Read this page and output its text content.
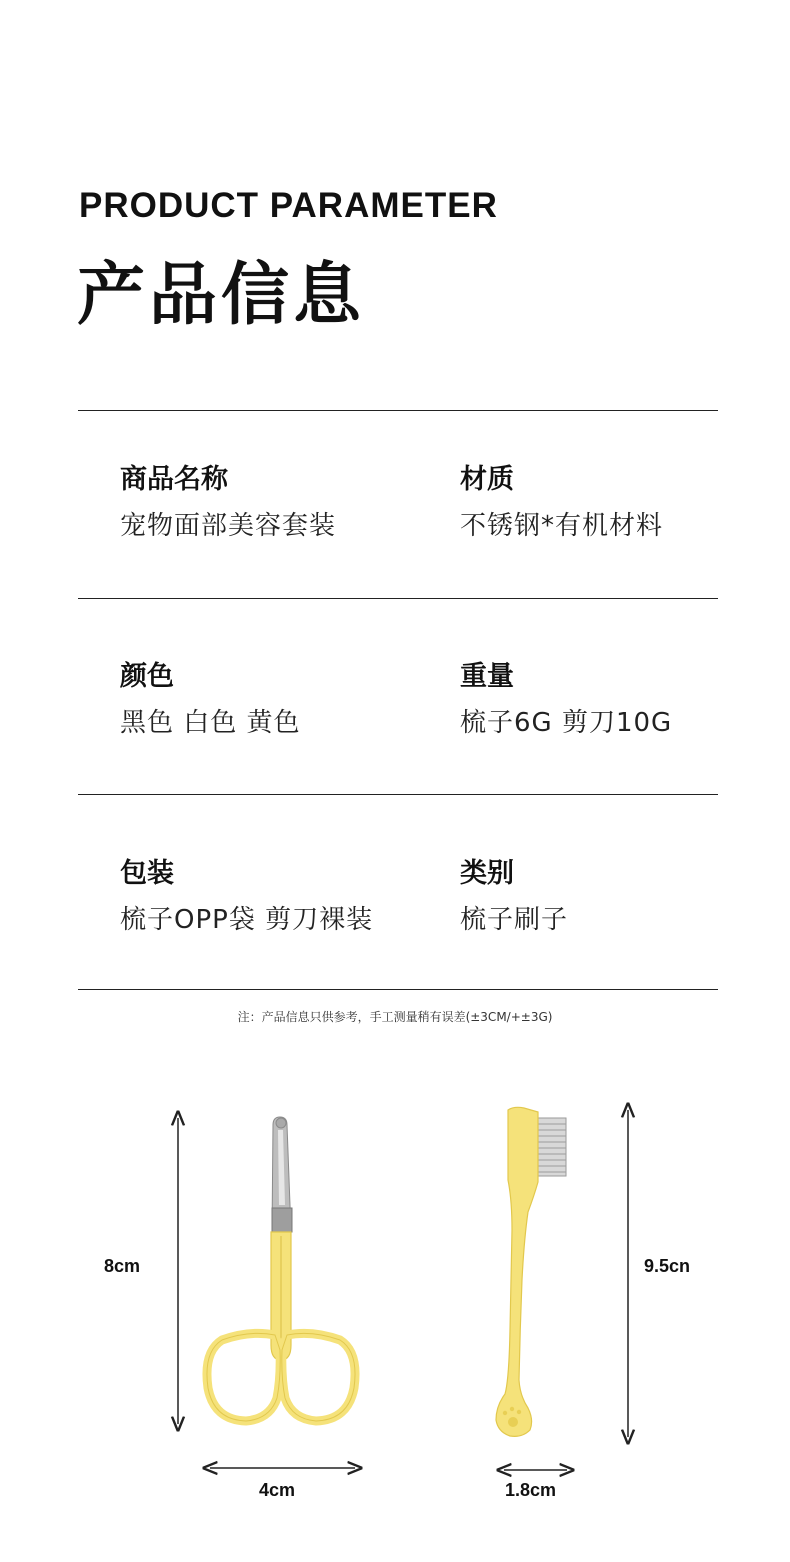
PRODUCT PARAMETER
产品信息
商品名称
宠物面部美容套装
材质
不锈钢*有机材料
颜色
黑色 白色 黄色
重量
梳子6G 剪刀10G
包装
梳子OPP袋 剪刀裸装
类别
梳子刷子
注：产品信息只供参考，手工测量稍有误差(±3CM/+±3G)
8cm
4cm
9.5cn
1.8cm
